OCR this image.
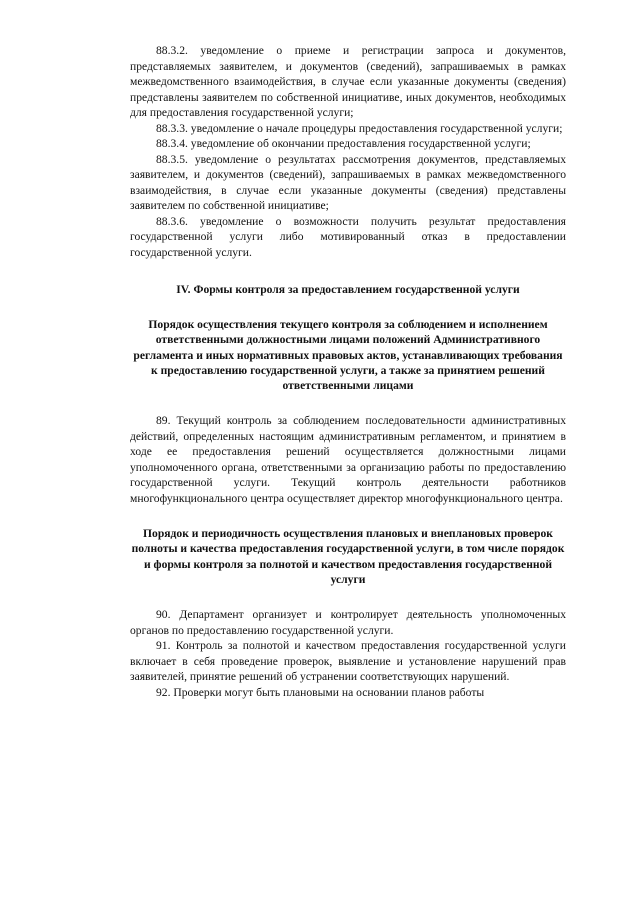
88.3.2. уведомление о приеме и регистрации запроса и документов, представляемых заявителем, и документов (сведений), запрашиваемых в рамках межведомственного взаимодействия, в случае если указанные документы (сведения) представлены заявителем по собственной инициативе, иных документов, необходимых для предоставления государственной услуги;

88.3.3. уведомление о начале процедуры предоставления государственной услуги;

88.3.4. уведомление об окончании предоставления государственной услуги;

88.3.5. уведомление о результатах рассмотрения документов, представляемых заявителем, и документов (сведений), запрашиваемых в рамках межведомственного взаимодействия, в случае если указанные документы (сведения) представлены заявителем по собственной инициативе;

88.3.6. уведомление о возможности получить результат предоставления государственной услуги либо мотивированный отказ в предоставлении государственной услуги.

IV. Формы контроля за предоставлением государственной услуги

Порядок осуществления текущего контроля за соблюдением и исполнением ответственными должностными лицами положений Административного регламента и иных нормативных правовых актов, устанавливающих требования к предоставлению государственной услуги, а также за принятием решений ответственными лицами

89. Текущий контроль за соблюдением последовательности административных действий, определенных настоящим административным регламентом, и принятием в ходе ее предоставления решений осуществляется должностными лицами уполномоченного органа, ответственными за организацию работы по предоставлению государственной услуги. Текущий контроль деятельности работников многофункционального центра осуществляет директор многофункционального центра.

Порядок и периодичность осуществления плановых и внеплановых проверок полноты и качества предоставления государственной услуги, в том числе порядок и формы контроля за полнотой и качеством предоставления государственной услуги

90. Департамент организует и контролирует деятельность уполномоченных органов по предоставлению государственной услуги.

91. Контроль за полнотой и качеством предоставления государственной услуги включает в себя проведение проверок, выявление и установление нарушений прав заявителей, принятие решений об устранении соответствующих нарушений.

92. Проверки могут быть плановыми на основании планов работы
